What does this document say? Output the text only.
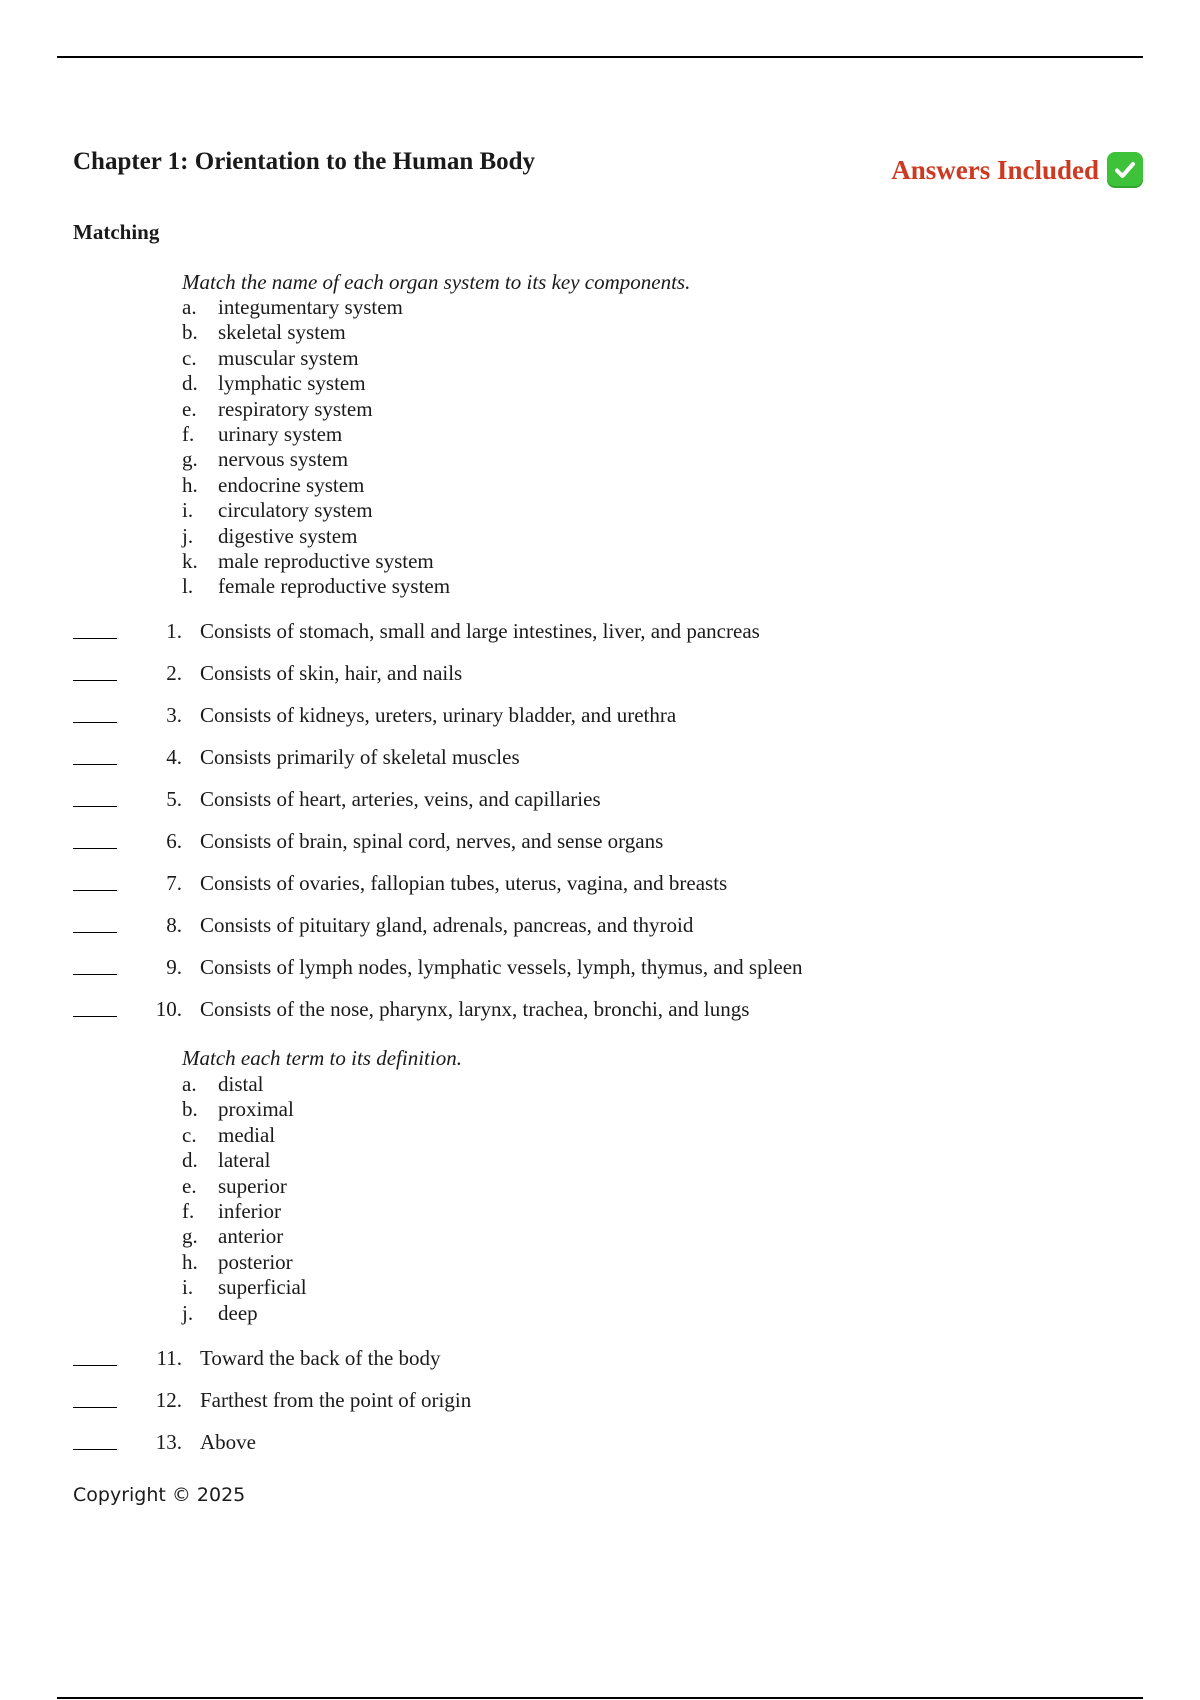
Chapter 1: Orientation to the Human Body	Answers Included
Matching
Match the name of each organ system to its key components.
a.	integumentary system
b. skeletal system
c.	muscular system
d. lymphatic system
e.	respiratory system
f.	urinary system
g. nervous system
h. endocrine system
i.	circulatory system
j.	digestive system
k. male reproductive system
l.	female reproductive system
1. Consists of stomach, small and large intestines, liver, and pancreas
2. Consists of skin, hair, and nails
3. Consists of kidneys, ureters, urinary bladder, and urethra
4. Consists primarily of skeletal muscles
5. Consists of heart, arteries, veins, and capillaries
6. Consists of brain, spinal cord, nerves, and sense organs
7. Consists of ovaries, fallopian tubes, uterus, vagina, and breasts
8. Consists of pituitary gland, adrenals, pancreas, and thyroid
9. Consists of lymph nodes, lymphatic vessels, lymph, thymus, and spleen
10. Consists of the nose, pharynx, larynx, trachea, bronchi, and lungs
Match each term to its definition.
a.	distal
b. proximal
c.	medial
d. lateral
e.	superior
f.	inferior
g. anterior
h. posterior
i.	superficial
j.	deep
11. Toward the back of the body
12. Farthest from the point of origin
13. Above
Copyright © 2025
